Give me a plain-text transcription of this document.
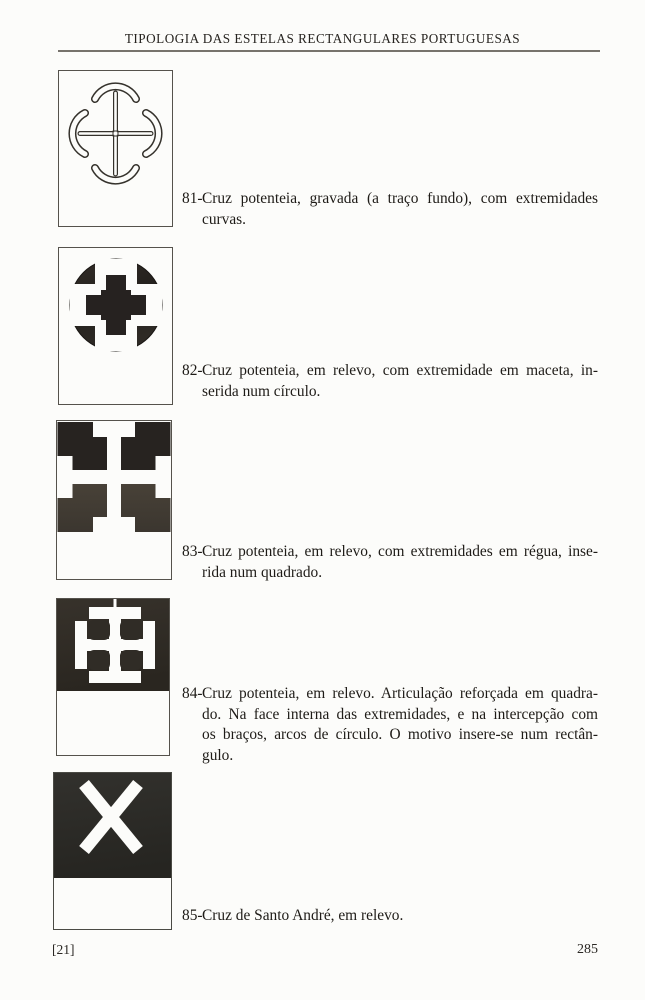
TIPOLOGIA DAS ESTELAS RECTANGULARES PORTUGUESAS
81- Cruz potenteia, gravada (a traço fundo), com extremidades
curvas.
82- Cruz potenteia, em relevo, com extremidade em maceta, in-
serida num círculo.
83- Cruz potenteia, em relevo, com extremidades em régua, inse-
rida num quadrado.
84- Cruz potenteia, em relevo. Articulação reforçada em quadra-
do. Na face interna das extremidades, e na intercepção com
os braços, arcos de círculo. O motivo insere-se num rectân-
gulo.
85- Cruz de Santo André, em relevo.
[21]	285
